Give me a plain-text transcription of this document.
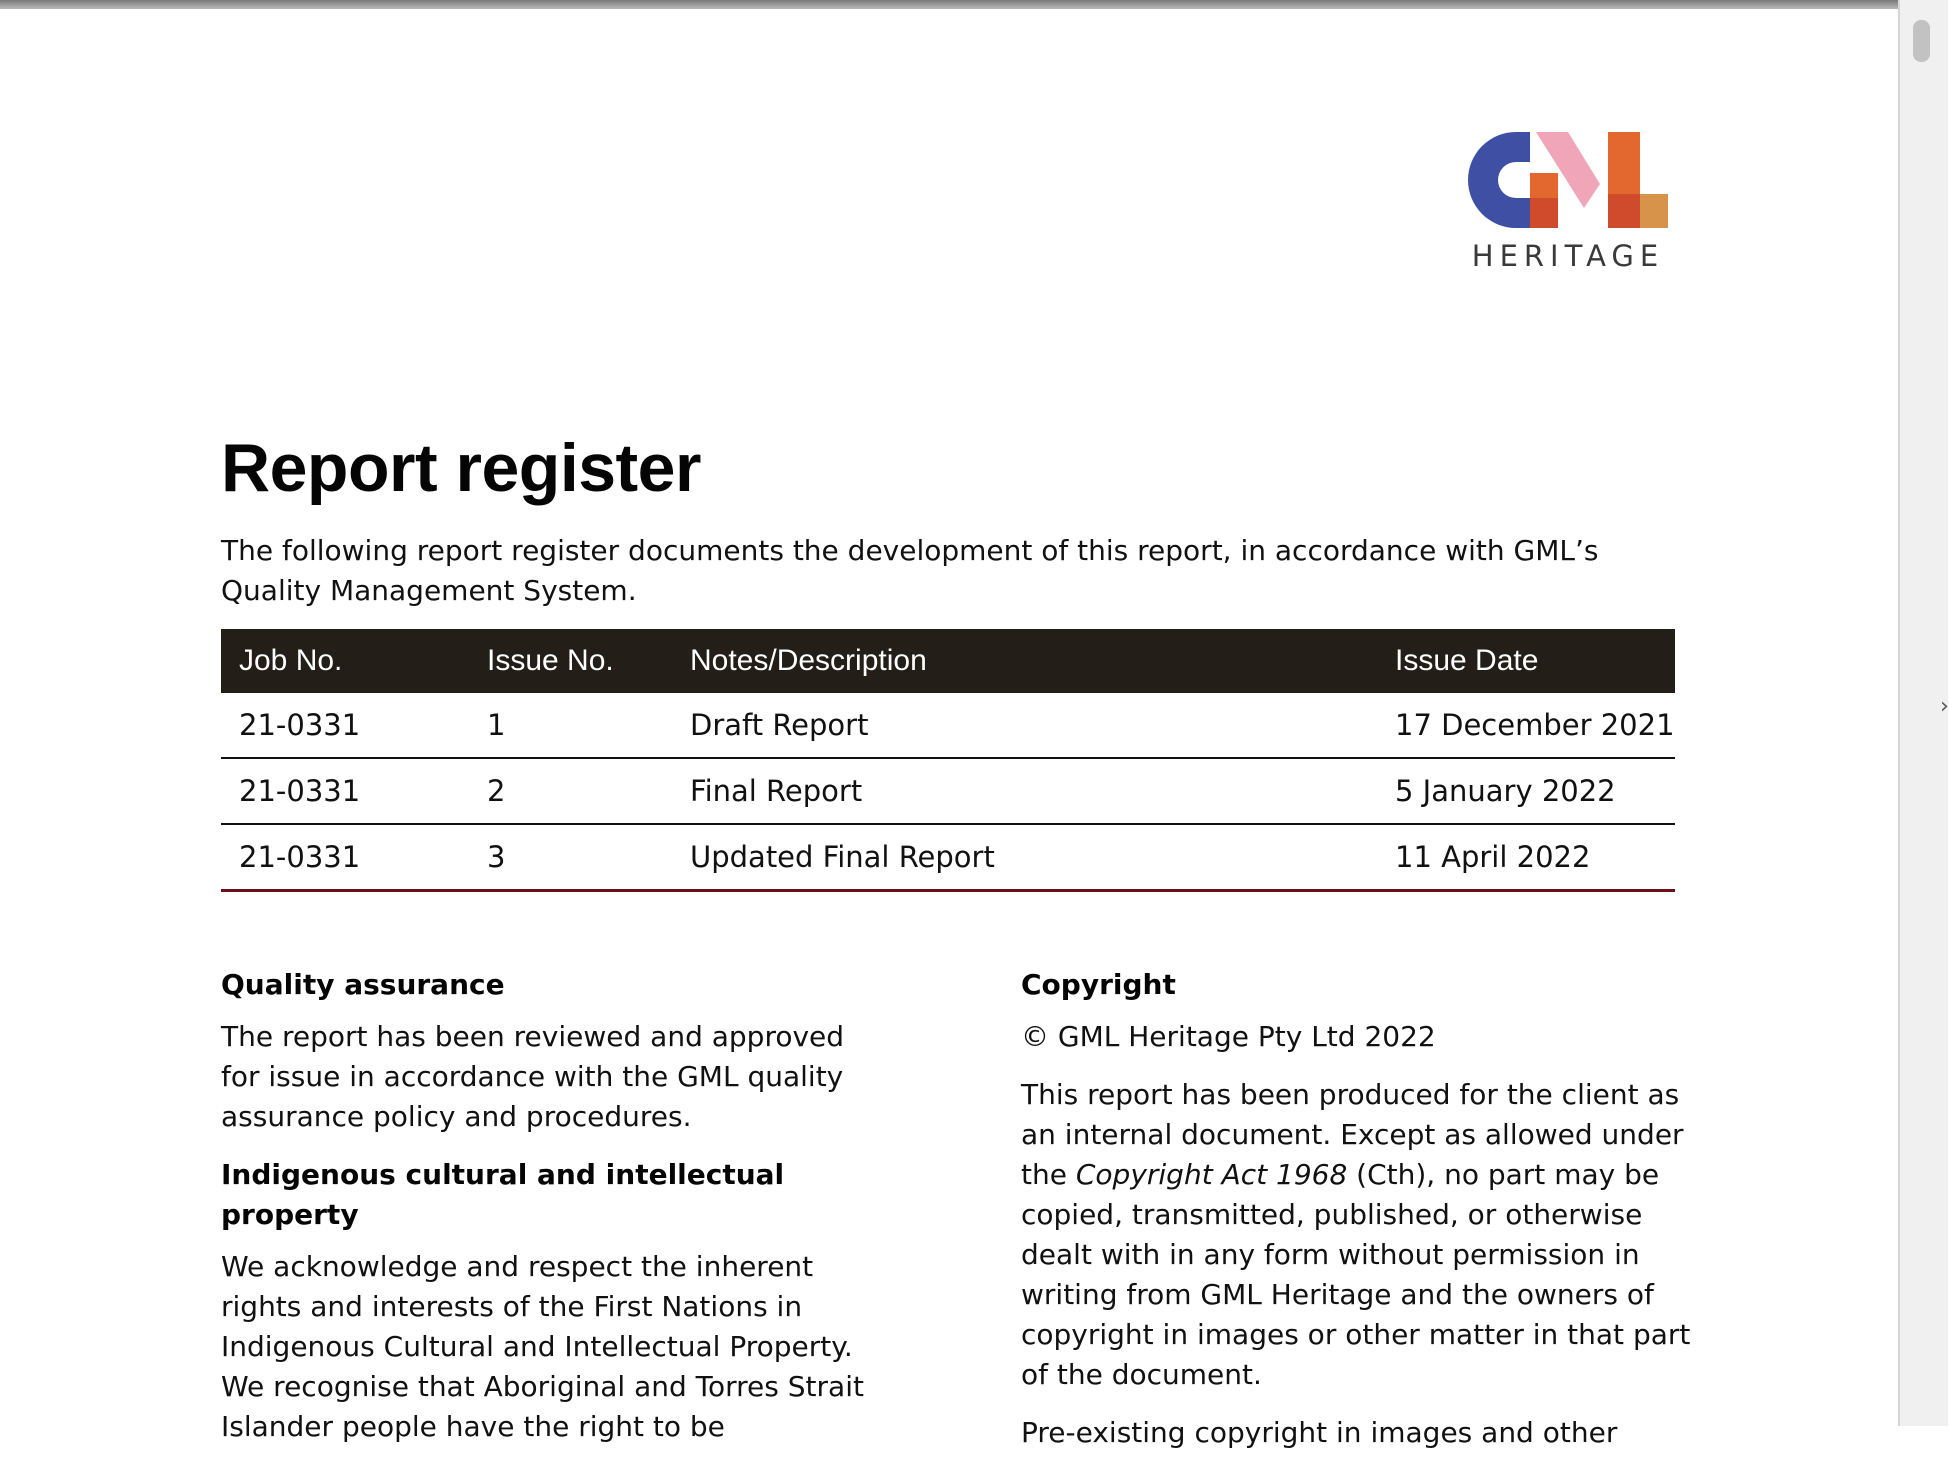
HERITAGE
Report register

The following report register documents the development of this report, in accordance with GML’s Quality Management System.

Job No.	Issue No.	Notes/Description	Issue Date
21-0331	1	Draft Report	17 December 2021
21-0331	2	Final Report	5 January 2022
21-0331	3	Updated Final Report	11 April 2022
Quality assurance

The report has been reviewed and approved for issue in accordance with the GML quality assurance policy and procedures.

Indigenous cultural and intellectual property

We acknowledge and respect the inherent rights and interests of the First Nations in Indigenous Cultural and Intellectual Property. We recognise that Aboriginal and Torres Strait Islander people have the right to be

Copyright

© GML Heritage Pty Ltd 2022

This report has been produced for the client as an internal document. Except as allowed under the Copyright Act 1968 (Cth), no part may be copied, transmitted, published, or otherwise dealt with in any form without permission in writing from GML Heritage and the owners of copyright in images or other matter in that part of the document.

Pre-existing copyright in images and other

›
